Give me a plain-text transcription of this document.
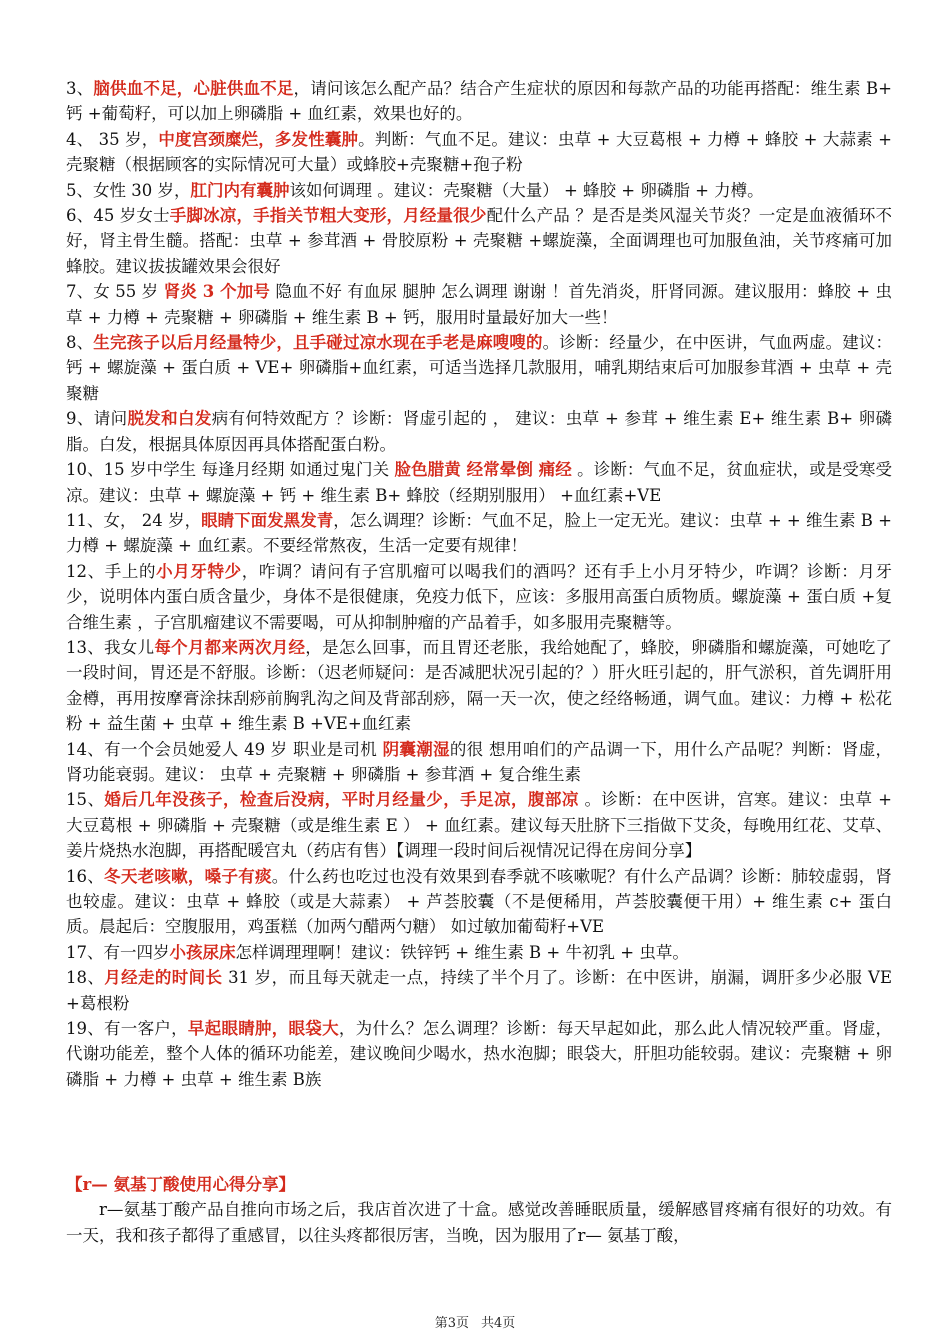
3、脑供血不足，心脏供血不足，请问该怎么配产品？结合产生症状的原因和每款产品的功能再搭配：维生素 B+ 钙 +葡萄籽，可以加上卵磷脂 + 血红素，效果也好的。

4、 35 岁，中度宫颈糜烂，多发性囊肿。判断：气血不足。建议：虫草 + 大豆葛根 + 力樽 + 蜂胶 + 大蒜素 + 壳聚糖（根据顾客的实际情况可大量）或蜂胶+壳聚糖+孢子粉

5、女性 30 岁，肛门内有囊肿该如何调理 。建议：壳聚糖（大量） + 蜂胶 + 卵磷脂 + 力樽。

6、45 岁女士手脚冰凉，手指关节粗大变形，月经量很少配什么产品 ？是否是类风湿关节炎？一定是血液循环不好，肾主骨生髓。搭配：虫草 + 参茸酒 + 骨胶原粉 + 壳聚糖 +螺旋藻，全面调理也可加服鱼油，关节疼痛可加蜂胶。建议拔拔罐效果会很好

7、女 55 岁 肾炎 3 个加号 隐血不好 有血尿 腿肿 怎么调理 谢谢 ！首先消炎，肝肾同源。建议服用：蜂胶 + 虫草 + 力樽 + 壳聚糖 + 卵磷脂 + 维生素 B + 钙，服用时量最好加大一些！

8、生完孩子以后月经量特少，且手碰过凉水现在手老是麻嗖嗖的。诊断：经量少，在中医讲，气血两虚。建议：钙 + 螺旋藻 + 蛋白质 + VE+ 卵磷脂+血红素，可适当选择几款服用，哺乳期结束后可加服参茸酒 + 虫草 + 壳聚糖

9、请问脱发和白发病有何特效配方 ？诊断：肾虚引起的 ， 建议：虫草 + 参茸 + 维生素 E+ 维生素 B+ 卵磷脂。白发，根据具体原因再具体搭配蛋白粉。

10、15 岁中学生 每逢月经期 如通过鬼门关 脸色腊黄 经常晕倒 痛经 。诊断：气血不足，贫血症状，或是受寒受凉。建议：虫草 + 螺旋藻 + 钙 + 维生素 B+ 蜂胶（经期别服用） +血红素+VE

11、女， 24 岁，眼睛下面发黑发青，怎么调理？诊断：气血不足，脸上一定无光。建议：虫草 + + 维生素 B + 力樽 + 螺旋藻 + 血红素。不要经常熬夜，生活一定要有规律！

12、手上的小月牙特少，咋调？请问有子宫肌瘤可以喝我们的酒吗？还有手上小月牙特少，咋调？诊断：月牙少，说明体内蛋白质含量少，身体不是很健康，免疫力低下，应该：多服用高蛋白质物质。螺旋藻 + 蛋白质 +复合维生素 ，子宫肌瘤建议不需要喝，可从抑制肿瘤的产品着手，如多服用壳聚糖等。

13、我女儿每个月都来两次月经，是怎么回事，而且胃还老胀，我给她配了，蜂胶，卵磷脂和螺旋藻，可她吃了一段时间，胃还是不舒服。诊断：（迟老师疑问：是否减肥状况引起的？）肝火旺引起的，肝气淤积，首先调肝用金樽，再用按摩膏涂抹刮痧前胸乳沟之间及背部刮痧，隔一天一次，使之经络畅通，调气血。建议：力樽 + 松花粉 + 益生菌 + 虫草 + 维生素 B +VE+血红素

14、有一个会员她爱人 49 岁 职业是司机 阴囊潮湿的很 想用咱们的产品调一下，用什么产品呢？判断：肾虚，肾功能衰弱。建议： 虫草 + 壳聚糖 + 卵磷脂 + 参茸酒 + 复合维生素

15、婚后几年没孩子，检查后没病，平时月经量少，手足凉，腹部凉 。诊断：在中医讲，宫寒。建议：虫草 + 大豆葛根 + 卵磷脂 + 壳聚糖（或是维生素 E ） + 血红素。建议每天肚脐下三指做下艾灸，每晚用红花、艾草、姜片烧热水泡脚，再搭配暖宫丸（药店有售）【调理一段时间后视情况记得在房间分享】

16、冬天老咳嗽，嗓子有痰。什么药也吃过也没有效果到春季就不咳嗽呢？有什么产品调？诊断：肺较虚弱，肾也较虚。建议：虫草 + 蜂胶（或是大蒜素） + 芦荟胶囊（不是便稀用，芦荟胶囊便干用）+ 维生素 c+ 蛋白质。晨起后：空腹服用，鸡蛋糕（加两勺醋两勺糖） 如过敏加葡萄籽+VE

17、有一四岁小孩尿床怎样调理理啊！建议：铁锌钙 + 维生素 B + 牛初乳 + 虫草。

18、月经走的时间长 31 岁，而且每天就走一点，持续了半个月了。诊断：在中医讲，崩漏，调肝多少必服 VE+葛根粉

19、有一客户，早起眼睛肿，眼袋大，为什么？怎么调理？诊断：每天早起如此，那么此人情况较严重。肾虚，代谢功能差，整个人体的循环功能差，建议晚间少喝水，热水泡脚；眼袋大，肝胆功能较弱。建议：壳聚糖 + 卵磷脂 + 力樽 + 虫草 + 维生素 B族

【r— 氨基丁酸使用心得分享】

r—氨基丁酸产品自推向市场之后，我店首次进了十盒。感觉改善睡眠质量，缓解感冒疼痛有很好的功效。有一天，我和孩子都得了重感冒，以往头疼都很厉害，当晚，因为服用了r— 氨基丁酸，

第3页 共4页
